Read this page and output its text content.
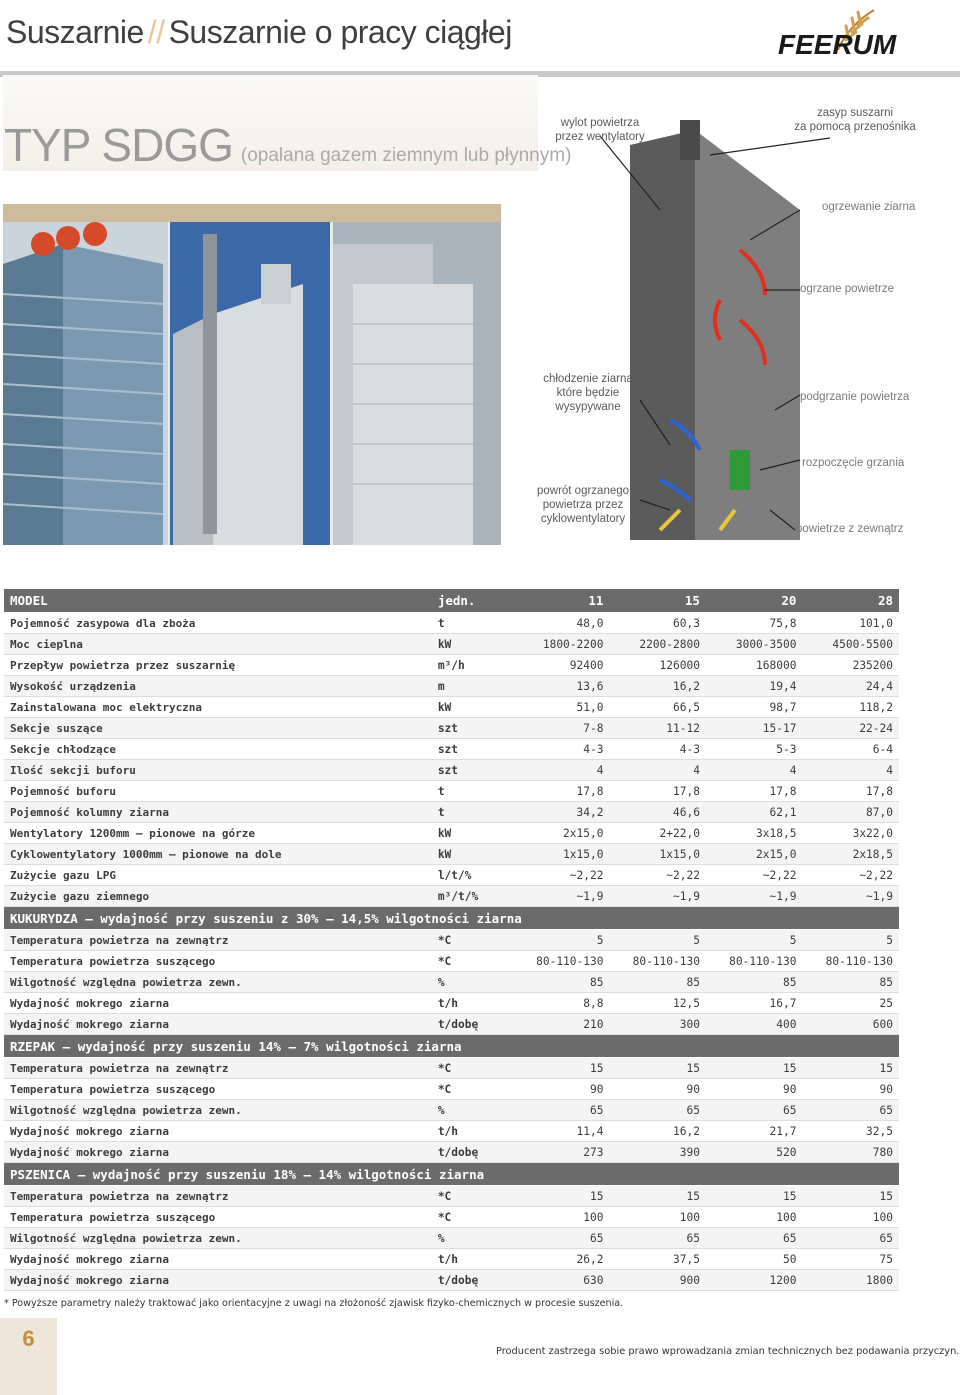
Suszarnie // Suszarnie o pracy ciągłej	FEERUM
TYP SDGG (opalana gazem ziemnym lub płynnym)
wylot powietrza
przez wentylatory
zasyp suszarni
za pomocą przenośnika
ogrzewanie ziarna
ogrzane powietrze
chłodzenie ziarna
które będzie
wysypywane
podgrzanie powietrza
rozpoczęcie grzania
powrót ogrzanego
powietrza przez
cyklowentylatory
powietrze z zewnątrz
MODEL	jedn.	11	15	20	28
Pojemność zasypowa dla zboża	t	48,0	60,3	75,8	101,0
Moc cieplna	kW	1800-2200	2200-2800	3000-3500	4500-5500
Przepływ powietrza przez suszarnię	m³/h	92400	126000	168000	235200
Wysokość urządzenia	m	13,6	16,2	19,4	24,4
Zainstalowana moc elektryczna	kW	51,0	66,5	98,7	118,2
Sekcje suszące	szt	7-8	11-12	15-17	22-24
Sekcje chłodzące	szt	4-3	4-3	5-3	6-4
Ilość sekcji buforu	szt	4	4	4	4
Pojemność buforu	t	17,8	17,8	17,8	17,8
Pojemność kolumny ziarna	t	34,2	46,6	62,1	87,0
Wentylatory 1200mm – pionowe na górze	kW	2x15,0	2+22,0	3x18,5	3x22,0
Cyklowentylatory 1000mm – pionowe na dole	kW	1x15,0	1x15,0	2x15,0	2x18,5
Zużycie gazu LPG	l/t/%	~2,22	~2,22	~2,22	~2,22
Zużycie gazu ziemnego	m³/t/%	~1,9	~1,9	~1,9	~1,9
KUKURYDZA – wydajność przy suszeniu z 30% – 14,5% wilgotności ziarna					
Temperatura powietrza na zewnątrz	*C	5	5	5	5
Temperatura powietrza suszącego	*C	80-110-130	80-110-130	80-110-130	80-110-130
Wilgotność względna powietrza zewn.	%	85	85	85	85
Wydajność mokrego ziarna	t/h	8,8	12,5	16,7	25
Wydajność mokrego ziarna	t/dobę	210	300	400	600
RZEPAK – wydajność przy suszeniu 14% – 7% wilgotności ziarna					
Temperatura powietrza na zewnątrz	*C	15	15	15	15
Temperatura powietrza suszącego	*C	90	90	90	90
Wilgotność względna powietrza zewn.	%	65	65	65	65
Wydajność mokrego ziarna	t/h	11,4	16,2	21,7	32,5
Wydajność mokrego ziarna	t/dobę	273	390	520	780
PSZENICA – wydajność przy suszeniu 18% – 14% wilgotności ziarna					
Temperatura powietrza na zewnątrz	*C	15	15	15	15
Temperatura powietrza suszącego	*C	100	100	100	100
Wilgotność względna powietrza zewn.	%	65	65	65	65
Wydajność mokrego ziarna	t/h	26,2	37,5	50	75
Wydajność mokrego ziarna	t/dobę	630	900	1200	1800
* Powyższe parametry należy traktować jako orientacyjne z uwagi na złożoność zjawisk fizyko-chemicznych w procesie suszenia.
6
Producent zastrzega sobie prawo wprowadzania zmian technicznych bez podawania przyczyn.
